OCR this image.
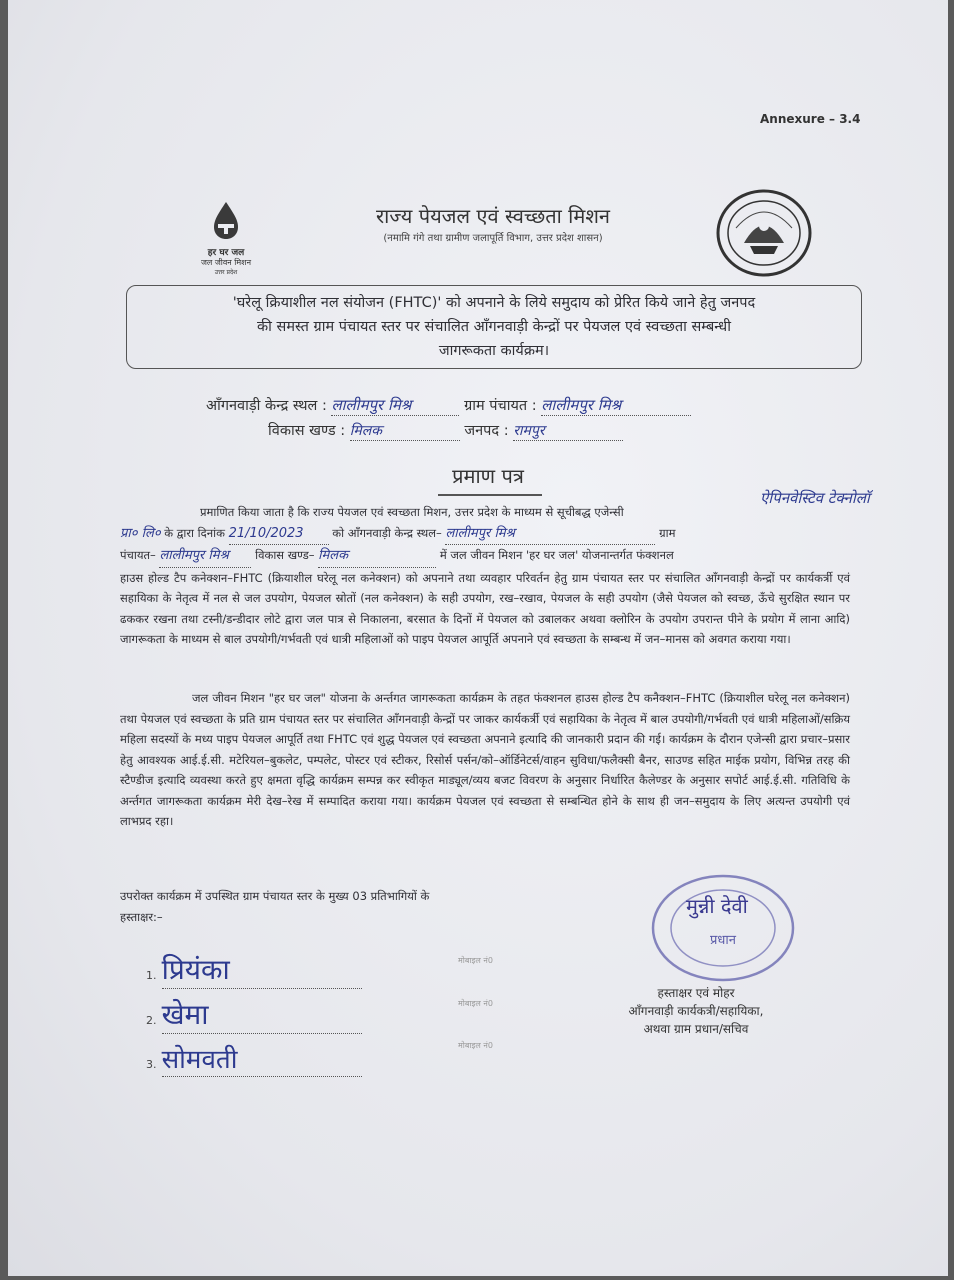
Annexure – 3.4
हर घर जल
जल जीवन मिशन
उत्तर प्रदेश
राज्य पेयजल एवं स्वच्छता मिशन
(नमामि गंगे तथा ग्रामीण जलापूर्ति विभाग, उत्तर प्रदेश शासन)
'घरेलू क्रियाशील नल संयोजन (FHTC)' को अपनाने के लिये समुदाय को प्रेरित किये जाने हेतु जनपद
की समस्त ग्राम पंचायत स्तर पर संचालित आँगनवाड़ी केन्द्रों पर पेयजल एवं स्वच्छता सम्बन्धी
जागरूकता कार्यक्रम।
आँगनवाड़ी केन्द्र स्थल : लालीमपुर मिश्र	ग्राम पंचायत : लालीमपुर मिश्र
विकास खण्ड : मिलक	जनपद : रामपुर
प्रमाण पत्र
ऐपिनवेस्टिव टेक्नोलॉ
प्रमाणित किया जाता है कि राज्य पेयजल एवं स्वच्छता मिशन, उत्तर प्रदेश के माध्यम से सूचीबद्ध एजेन्सी
प्रा० लि० के द्वारा दिनांक 21/10/2023 को आँगनवाड़ी केन्द्र स्थल– लालीमपुर मिश्र	ग्राम
पंचायत– लालीमपुर मिश्र विकास खण्ड– मिलक	में जल जीवन मिशन 'हर घर जल' योजनान्तर्गत फंक्शनल
हाउस होल्ड टैप कनेक्शन–FHTC (क्रियाशील घरेलू नल कनेक्शन) को अपनाने तथा व्यवहार परिवर्तन हेतु ग्राम पंचायत स्तर पर संचालित आँगनवाड़ी केन्द्रों पर कार्यकर्त्री एवं सहायिका के नेतृत्व में नल से जल उपयोग, पेयजल स्रोतों (नल कनेक्शन) के सही उपयोग, रख–रखाव, पेयजल के सही उपयोग (जैसे पेयजल को स्वच्छ, ऊँचे सुरक्षित स्थान पर ढककर रखना तथा टस्नी/डन्डीदार लोटे द्वारा जल पात्र से निकालना, बरसात के दिनों में पेयजल को उबालकर अथवा क्लोरिन के उपयोग उपरान्त पीने के प्रयोग में लाना आदि) जागरूकता के माध्यम से बाल उपयोगी/गर्भवती एवं धात्री महिलाओं को पाइप पेयजल आपूर्ति अपनाने एवं स्वच्छता के सम्बन्ध में जन–मानस को अवगत कराया गया।
जल जीवन मिशन "हर घर जल" योजना के अर्न्तगत जागरूकता कार्यक्रम के तहत फंक्शनल हाउस होल्ड टैप कनैक्शन–FHTC (क्रियाशील घरेलू नल कनेक्शन) तथा पेयजल एवं स्वच्छता के प्रति ग्राम पंचायत स्तर पर संचालित आँगनवाड़ी केन्द्रों पर जाकर कार्यकर्त्री एवं सहायिका के नेतृत्व में बाल उपयोगी/गर्भवती एवं धात्री महिलाओं/सक्रिय महिला सदस्यों के मध्य पाइप पेयजल आपूर्ति तथा FHTC एवं शुद्ध पेयजल एवं स्वच्छता अपनाने इत्यादि की जानकारी प्रदान की गई। कार्यक्रम के दौरान एजेन्सी द्वारा प्रचार–प्रसार हेतु आवश्यक आई.ई.सी. मटेरियल–बुकलेट, पम्पलेट, पोस्टर एवं स्टीकर, रिसोर्स पर्सन/को–ऑर्डिनेटर्स/वाहन सुविधा/फलैक्सी बैनर, साउण्ड सहित माईक प्रयोग, विभिन्न तरह की स्टैण्डीज इत्यादि व्यवस्था करते हुए क्षमता वृद्धि कार्यक्रम सम्पन्न कर स्वीकृत माड्यूल/व्यय बजट विवरण के अनुसार निर्धारित कैलेण्डर के अनुसार सपोर्ट आई.ई.सी. गतिविधि के अर्न्तगत जागरूकता कार्यक्रम मेरी देख–रेख में सम्पादित कराया गया। कार्यक्रम पेयजल एवं स्वच्छता से सम्बन्धित होने के साथ ही जन–समुदाय के लिए अत्यन्त उपयोगी एवं लाभप्रद रहा।
उपरोक्त कार्यक्रम में उपस्थित ग्राम पंचायत स्तर के मुख्य 03 प्रतिभागियों के
हस्ताक्षर:–
1. प्रियंका	मोबाइल नं0
2. खेमा	मोबाइल नं0
3. सोमवती	मोबाइल नं0
मुन्नी देवी
प्रधान
हस्ताक्षर एवं मोहर
आँगनवाड़ी कार्यकत्री/सहायिका,
अथवा ग्राम प्रधान/सचिव
